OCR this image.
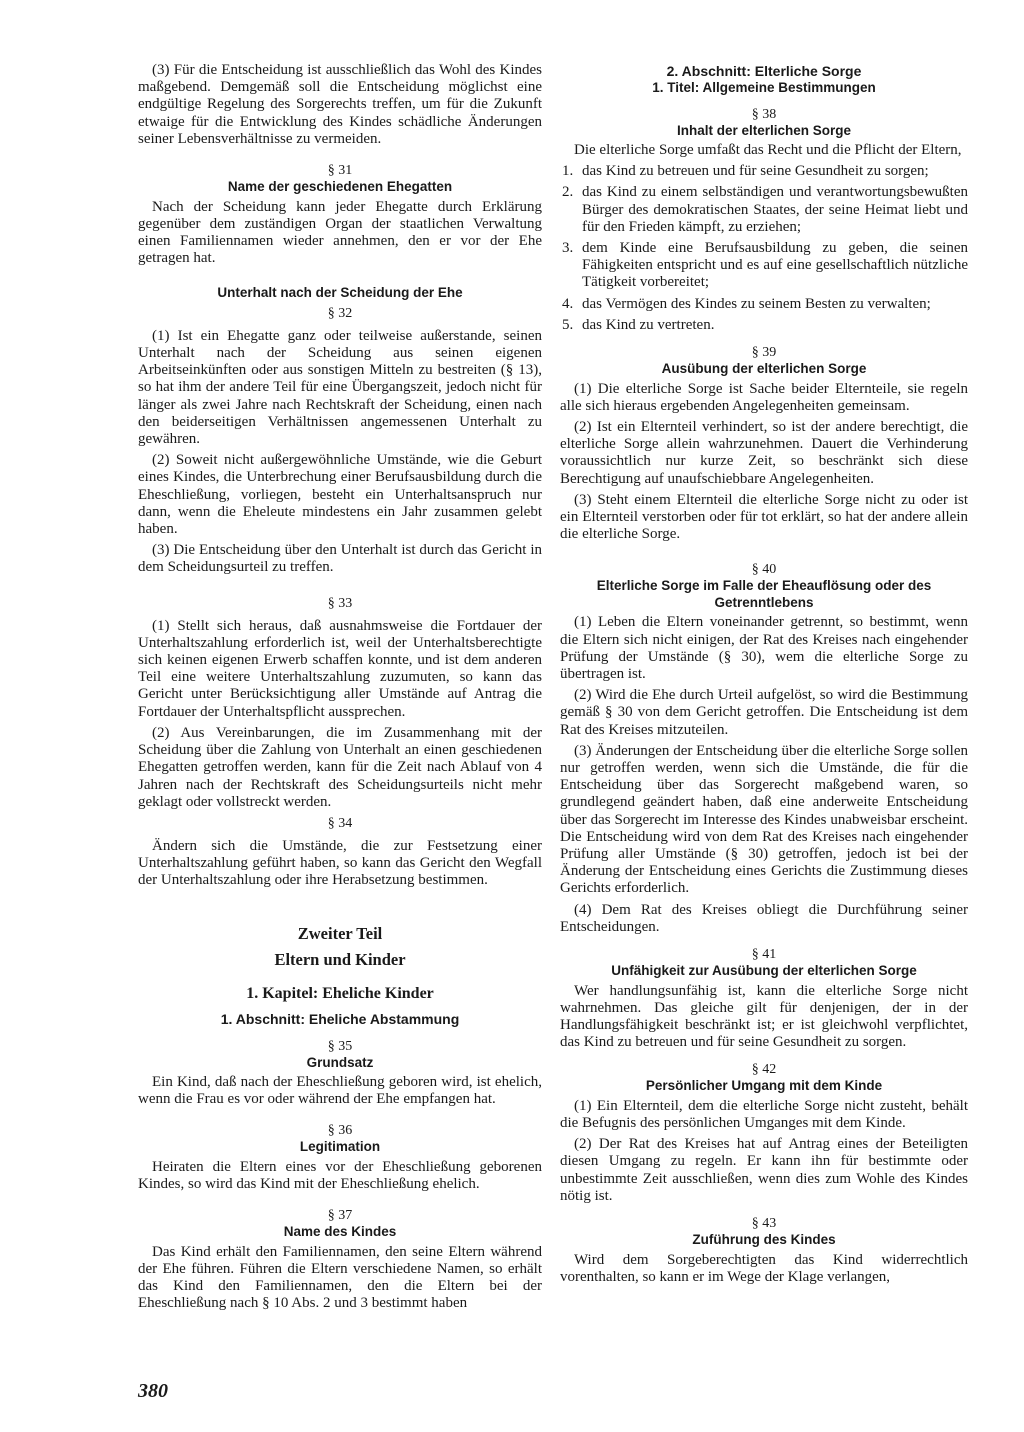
(3) Für die Entscheidung ist ausschließlich das Wohl des Kindes maßgebend. Demgemäß soll die Entscheidung möglichst eine endgültige Regelung des Sorgerechts treffen, um für die Zukunft etwaige für die Entwicklung des Kindes schädliche Änderungen seiner Lebensverhältnisse zu vermeiden.

§ 31
Name der geschiedenen Ehegatten

Nach der Scheidung kann jeder Ehegatte durch Erklärung gegenüber dem zuständigen Organ der staatlichen Verwaltung einen Familiennamen wieder annehmen, den er vor der Ehe getragen hat.

Unterhalt nach der Scheidung der Ehe
§ 32

(1) Ist ein Ehegatte ganz oder teilweise außerstande, seinen Unterhalt nach der Scheidung aus seinen eigenen Arbeitseinkünften oder aus sonstigen Mitteln zu bestreiten (§ 13), so hat ihm der andere Teil für eine Übergangszeit, jedoch nicht für länger als zwei Jahre nach Rechtskraft der Scheidung, einen nach den beiderseitigen Verhältnissen angemessenen Unterhalt zu gewähren.

(2) Soweit nicht außergewöhnliche Umstände, wie die Geburt eines Kindes, die Unterbrechung einer Berufsausbildung durch die Eheschließung, vorliegen, besteht ein Unterhaltsanspruch nur dann, wenn die Eheleute mindestens ein Jahr zusammen gelebt haben.

(3) Die Entscheidung über den Unterhalt ist durch das Gericht in dem Scheidungsurteil zu treffen.

§ 33

(1) Stellt sich heraus, daß ausnahmsweise die Fortdauer der Unterhaltszahlung erforderlich ist, weil der Unterhaltsberechtigte sich keinen eigenen Erwerb schaffen konnte, und ist dem anderen Teil eine weitere Unterhaltszahlung zuzumuten, so kann das Gericht unter Berücksichtigung aller Umstände auf Antrag die Fortdauer der Unterhaltspflicht aussprechen.

(2) Aus Vereinbarungen, die im Zusammenhang mit der Scheidung über die Zahlung von Unterhalt an einen geschiedenen Ehegatten getroffen werden, kann für die Zeit nach Ablauf von 4 Jahren nach der Rechtskraft des Scheidungsurteils nicht mehr geklagt oder vollstreckt werden.

§ 34

Ändern sich die Umstände, die zur Festsetzung einer Unterhaltszahlung geführt haben, so kann das Gericht den Wegfall der Unterhaltszahlung oder ihre Herabsetzung bestimmen.

Zweiter Teil
Eltern und Kinder
1. Kapitel: Eheliche Kinder
1. Abschnitt: Eheliche Abstammung
§ 35
Grundsatz

Ein Kind, daß nach der Eheschließung geboren wird, ist ehelich, wenn die Frau es vor oder während der Ehe empfangen hat.

§ 36
Legitimation

Heiraten die Eltern eines vor der Eheschließung geborenen Kindes, so wird das Kind mit der Eheschließung ehelich.

§ 37
Name des Kindes

Das Kind erhält den Familiennamen, den seine Eltern während der Ehe führen. Führen die Eltern verschiedene Namen, so erhält das Kind den Familiennamen, den die Eltern bei der Eheschließung nach § 10 Abs. 2 und 3 bestimmt haben

2. Abschnitt: Elterliche Sorge
1. Titel: Allgemeine Bestimmungen
§ 38
Inhalt der elterlichen Sorge

Die elterliche Sorge umfaßt das Recht und die Pflicht der Eltern,

1. das Kind zu betreuen und für seine Gesundheit zu sorgen;
2. das Kind zu einem selbständigen und verantwortungsbewußten Bürger des demokratischen Staates, der seine Heimat liebt und für den Frieden kämpft, zu erziehen;
3. dem Kinde eine Berufsausbildung zu geben, die seinen Fähigkeiten entspricht und es auf eine gesellschaftlich nützliche Tätigkeit vorbereitet;
4. das Vermögen des Kindes zu seinem Besten zu verwalten;
5. das Kind zu vertreten.
§ 39
Ausübung der elterlichen Sorge

(1) Die elterliche Sorge ist Sache beider Elternteile, sie regeln alle sich hieraus ergebenden Angelegenheiten gemeinsam.

(2) Ist ein Elternteil verhindert, so ist der andere berechtigt, die elterliche Sorge allein wahrzunehmen. Dauert die Verhinderung voraussichtlich nur kurze Zeit, so beschränkt sich diese Berechtigung auf unaufschiebbare Angelegenheiten.

(3) Steht einem Elternteil die elterliche Sorge nicht zu oder ist ein Elternteil verstorben oder für tot erklärt, so hat der andere allein die elterliche Sorge.

§ 40
Elterliche Sorge im Falle der Eheauflösung oder des Getrenntlebens

(1) Leben die Eltern voneinander getrennt, so bestimmt, wenn die Eltern sich nicht einigen, der Rat des Kreises nach eingehender Prüfung der Umstände (§ 30), wem die elterliche Sorge zu übertragen ist.

(2) Wird die Ehe durch Urteil aufgelöst, so wird die Bestimmung gemäß § 30 von dem Gericht getroffen. Die Entscheidung ist dem Rat des Kreises mitzuteilen.

(3) Änderungen der Entscheidung über die elterliche Sorge sollen nur getroffen werden, wenn sich die Umstände, die für die Entscheidung über das Sorgerecht maßgebend waren, so grundlegend geändert haben, daß eine anderweite Entscheidung über das Sorgerecht im Interesse des Kindes unabweisbar erscheint. Die Entscheidung wird von dem Rat des Kreises nach eingehender Prüfung aller Umstände (§ 30) getroffen, jedoch ist bei der Änderung der Entscheidung eines Gerichts die Zustimmung dieses Gerichts erforderlich.

(4) Dem Rat des Kreises obliegt die Durchführung seiner Entscheidungen.

§ 41
Unfähigkeit zur Ausübung der elterlichen Sorge

Wer handlungsunfähig ist, kann die elterliche Sorge nicht wahrnehmen. Das gleiche gilt für denjenigen, der in der Handlungsfähigkeit beschränkt ist; er ist gleichwohl verpflichtet, das Kind zu betreuen und für seine Gesundheit zu sorgen.

§ 42
Persönlicher Umgang mit dem Kinde

(1) Ein Elternteil, dem die elterliche Sorge nicht zusteht, behält die Befugnis des persönlichen Umganges mit dem Kinde.

(2) Der Rat des Kreises hat auf Antrag eines der Beteiligten diesen Umgang zu regeln. Er kann ihn für bestimmte oder unbestimmte Zeit ausschließen, wenn dies zum Wohle des Kindes nötig ist.

§ 43
Zuführung des Kindes

Wird dem Sorgeberechtigten das Kind widerrechtlich vorenthalten, so kann er im Wege der Klage verlangen,

380
